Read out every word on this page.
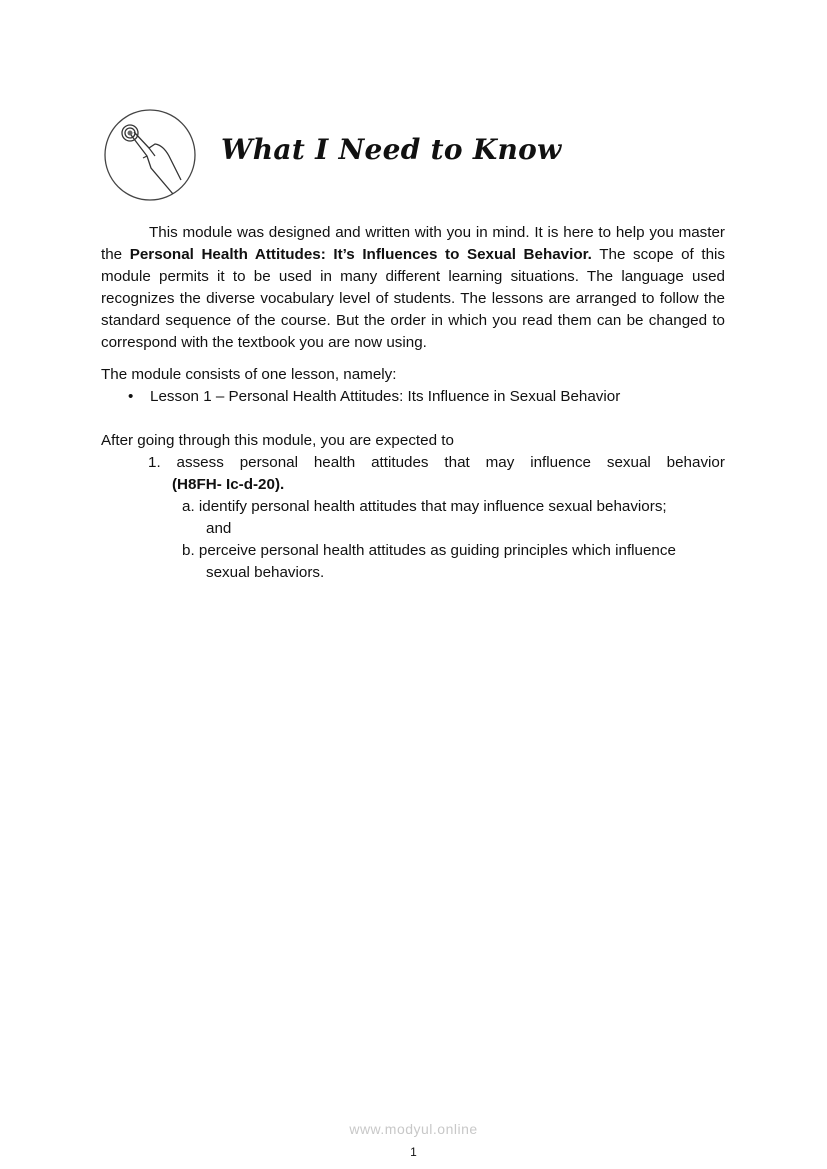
What I Need to Know
This module was designed and written with you in mind. It is here to help you master the Personal Health Attitudes: It’s Influences to Sexual Behavior. The scope of this module permits it to be used in many different learning situations. The language used recognizes the diverse vocabulary level of students. The lessons are arranged to follow the standard sequence of the course. But the order in which you read them can be changed to correspond with the textbook you are now using.
The module consists of one lesson, namely:
•	Lesson 1 – Personal Health Attitudes: Its Influence in Sexual Behavior
After going through this module, you are expected to
1. assess personal health attitudes that may influence sexual behavior
(H8FH- Ic-d-20).
a. identify personal health attitudes that may influence sexual behaviors;
and
b. perceive personal health attitudes as guiding principles which influence
sexual behaviors.
www.modyul.online
1
